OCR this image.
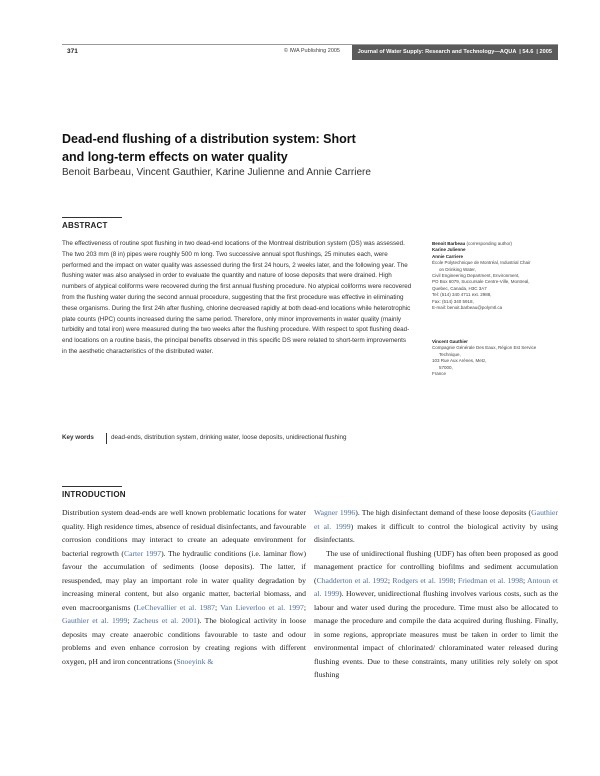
371	© IWA Publishing 2005	Journal of Water Supply: Research and Technology—AQUA  | 54.6  | 2005
Dead-end flushing of a distribution system: Short
and long-term effects on water quality
Benoit Barbeau, Vincent Gauthier, Karine Julienne and Annie Carriere
ABSTRACT
The effectiveness of routine spot flushing in two dead-end locations of the Montreal distribution system (DS) was assessed. The two 203 mm (8 in) pipes were roughly 500 m long. Two successive annual spot flushings, 25 minutes each, were performed and the impact on water quality was assessed during the first 24 hours, 2 weeks later, and the following year. The flushing water was also analysed in order to evaluate the quantity and nature of loose deposits that were drained. High numbers of atypical coliforms were recovered during the first annual flushing procedure. No atypical coliforms were recovered from the flushing water during the second annual procedure, suggesting that the first procedure was effective in eliminating these organisms. During the first 24h after flushing, chlorine decreased rapidly at both dead-end locations while heterotrophic plate counts (HPC) counts increased during the same period. Therefore, only minor improvements in water quality (mainly turbidity and total iron) were measured during the two weeks after the flushing procedure. With respect to spot flushing dead-end locations on a routine basis, the principal benefits observed in this specific DS were related to short-term improvements in the aesthetic characteristics of the distributed water.
Key words	dead-ends, distribution system, drinking water, loose deposits, unidirectional flushing
Benoit Barbeau (corresponding author)
Karine Julienne
Annie Carriere
École Polytechnique de Montréal, Industrial Chair
on Drinking Water,
Civil Engineering Department, Environment,
PO Box 6079, Succursale Centre-Ville, Montreal,
Quebec, Canada, H3C 3A7
Tel: (514) 340 4711 ext. 2988,
Fax: (514) 340 5918,
E-mail: benoit.barbeau@polymtl.ca
Vincent Gauthier
Compagnie Générale Des Eaux, Région Est Service
Technique,
103 Rue Aux Arènes, Metz,
57000,
France
INTRODUCTION

Distribution system dead-ends are well known problematic locations for water quality. High residence times, absence of residual disinfectants, and favourable corrosion conditions may interact to create an adequate environment for bacterial regrowth (Carter 1997). The hydraulic conditions (i.e. laminar flow) favour the accumulation of sediments (loose deposits). The latter, if resuspended, may play an important role in water quality degradation by increasing mineral content, but also organic matter, bacterial biomass, and even macroorganisms (LeChevallier et al. 1987; Van Lieverloo et al. 1997; Gauthier et al. 1999; Zacheus et al. 2001). The biological activity in loose deposits may create anaerobic conditions favourable to taste and odour problems and even enhance corrosion by creating regions with different oxygen, pH and iron concentrations (Snoeyink &

Wagner 1996). The high disinfectant demand of these loose deposits (Gauthier et al. 1999) makes it difficult to control the biological activity by using disinfectants.

The use of unidirectional flushing (UDF) has often been proposed as good management practice for controlling biofilms and sediment accumulation (Chadderton et al. 1992; Rodgers et al. 1998; Friedman et al. 1998; Antoun et al. 1999). However, unidirectional flushing involves various costs, such as the labour and water used during the procedure. Time must also be allocated to manage the procedure and compile the data acquired during flushing. Finally, in some regions, appropriate measures must be taken in order to limit the environmental impact of chlorinated/ chloraminated water released during flushing events. Due to these constraints, many utilities rely solely on spot flushing
